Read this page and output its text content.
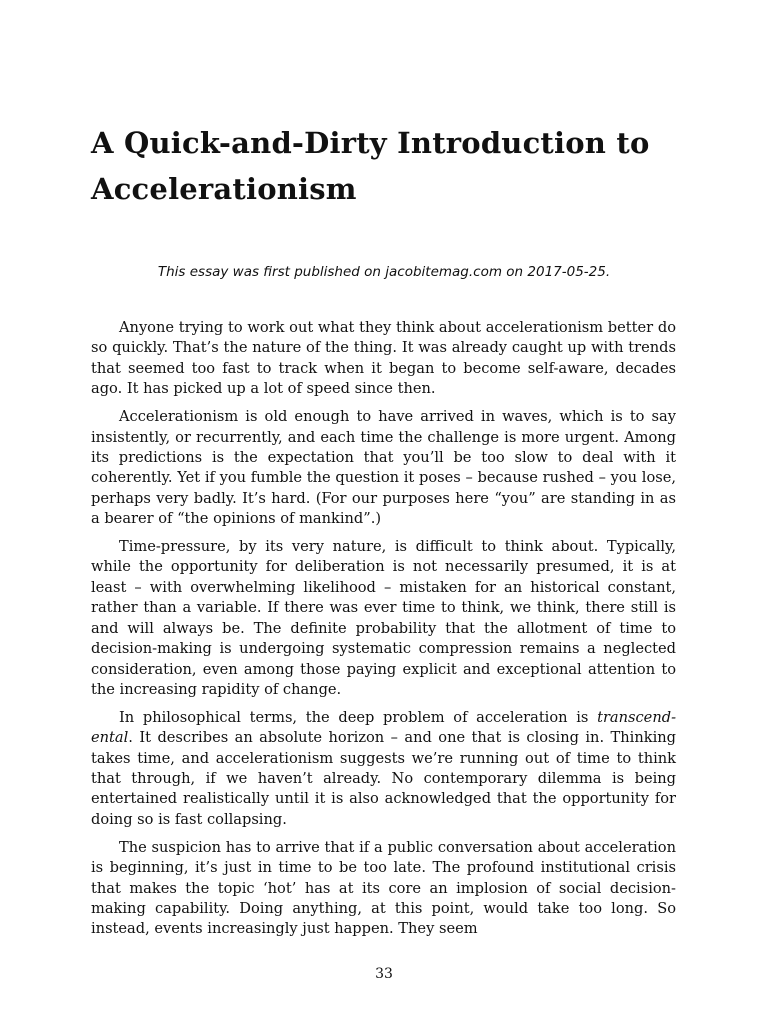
A Quick-and-Dirty Introduction to Accelerationism

This essay was first published on jacobitemag.com on 2017-05-25.

Anyone trying to work out what they think about accelerationism better do so quickly. That’s the nature of the thing. It was already caught up with trends that seemed too fast to track when it began to become self-aware, decades ago. It has picked up a lot of speed since then.

Accelerationism is old enough to have arrived in waves, which is to say insistently, or recurrently, and each time the challenge is more urgent. Among its predictions is the expectation that you’ll be too slow to deal with it coherently. Yet if you fumble the question it poses – because rushed – you lose, perhaps very badly. It’s hard. (For our purposes here “you” are standing in as a bearer of “the opinions of mankind”.)

Time-pressure, by its very nature, is difficult to think about. Typically, while the opportunity for deliberation is not necessarily presumed, it is at least – with overwhelming likelihood – mistaken for an historical constant, rather than a variable. If there was ever time to think, we think, there still is and will always be. The definite probability that the allotment of time to decision-making is undergoing systematic compression remains a neglected consideration, even among those paying explicit and exceptional attention to the increasing rapidity of change.

In philosophical terms, the deep problem of acceleration is transcendental. It describes an absolute horizon – and one that is closing in. Thinking takes time, and accelerationism suggests we’re running out of time to think that through, if we haven’t already. No contemporary dilemma is being entertained realistically until it is also acknowledged that the opportunity for doing so is fast collapsing.

The suspicion has to arrive that if a public conversation about acceleration is beginning, it’s just in time to be too late. The profound institutional crisis that makes the topic ‘hot’ has at its core an implosion of social decision-making capability. Doing anything, at this point, would take too long. So instead, events increasingly just happen. They seem

33
